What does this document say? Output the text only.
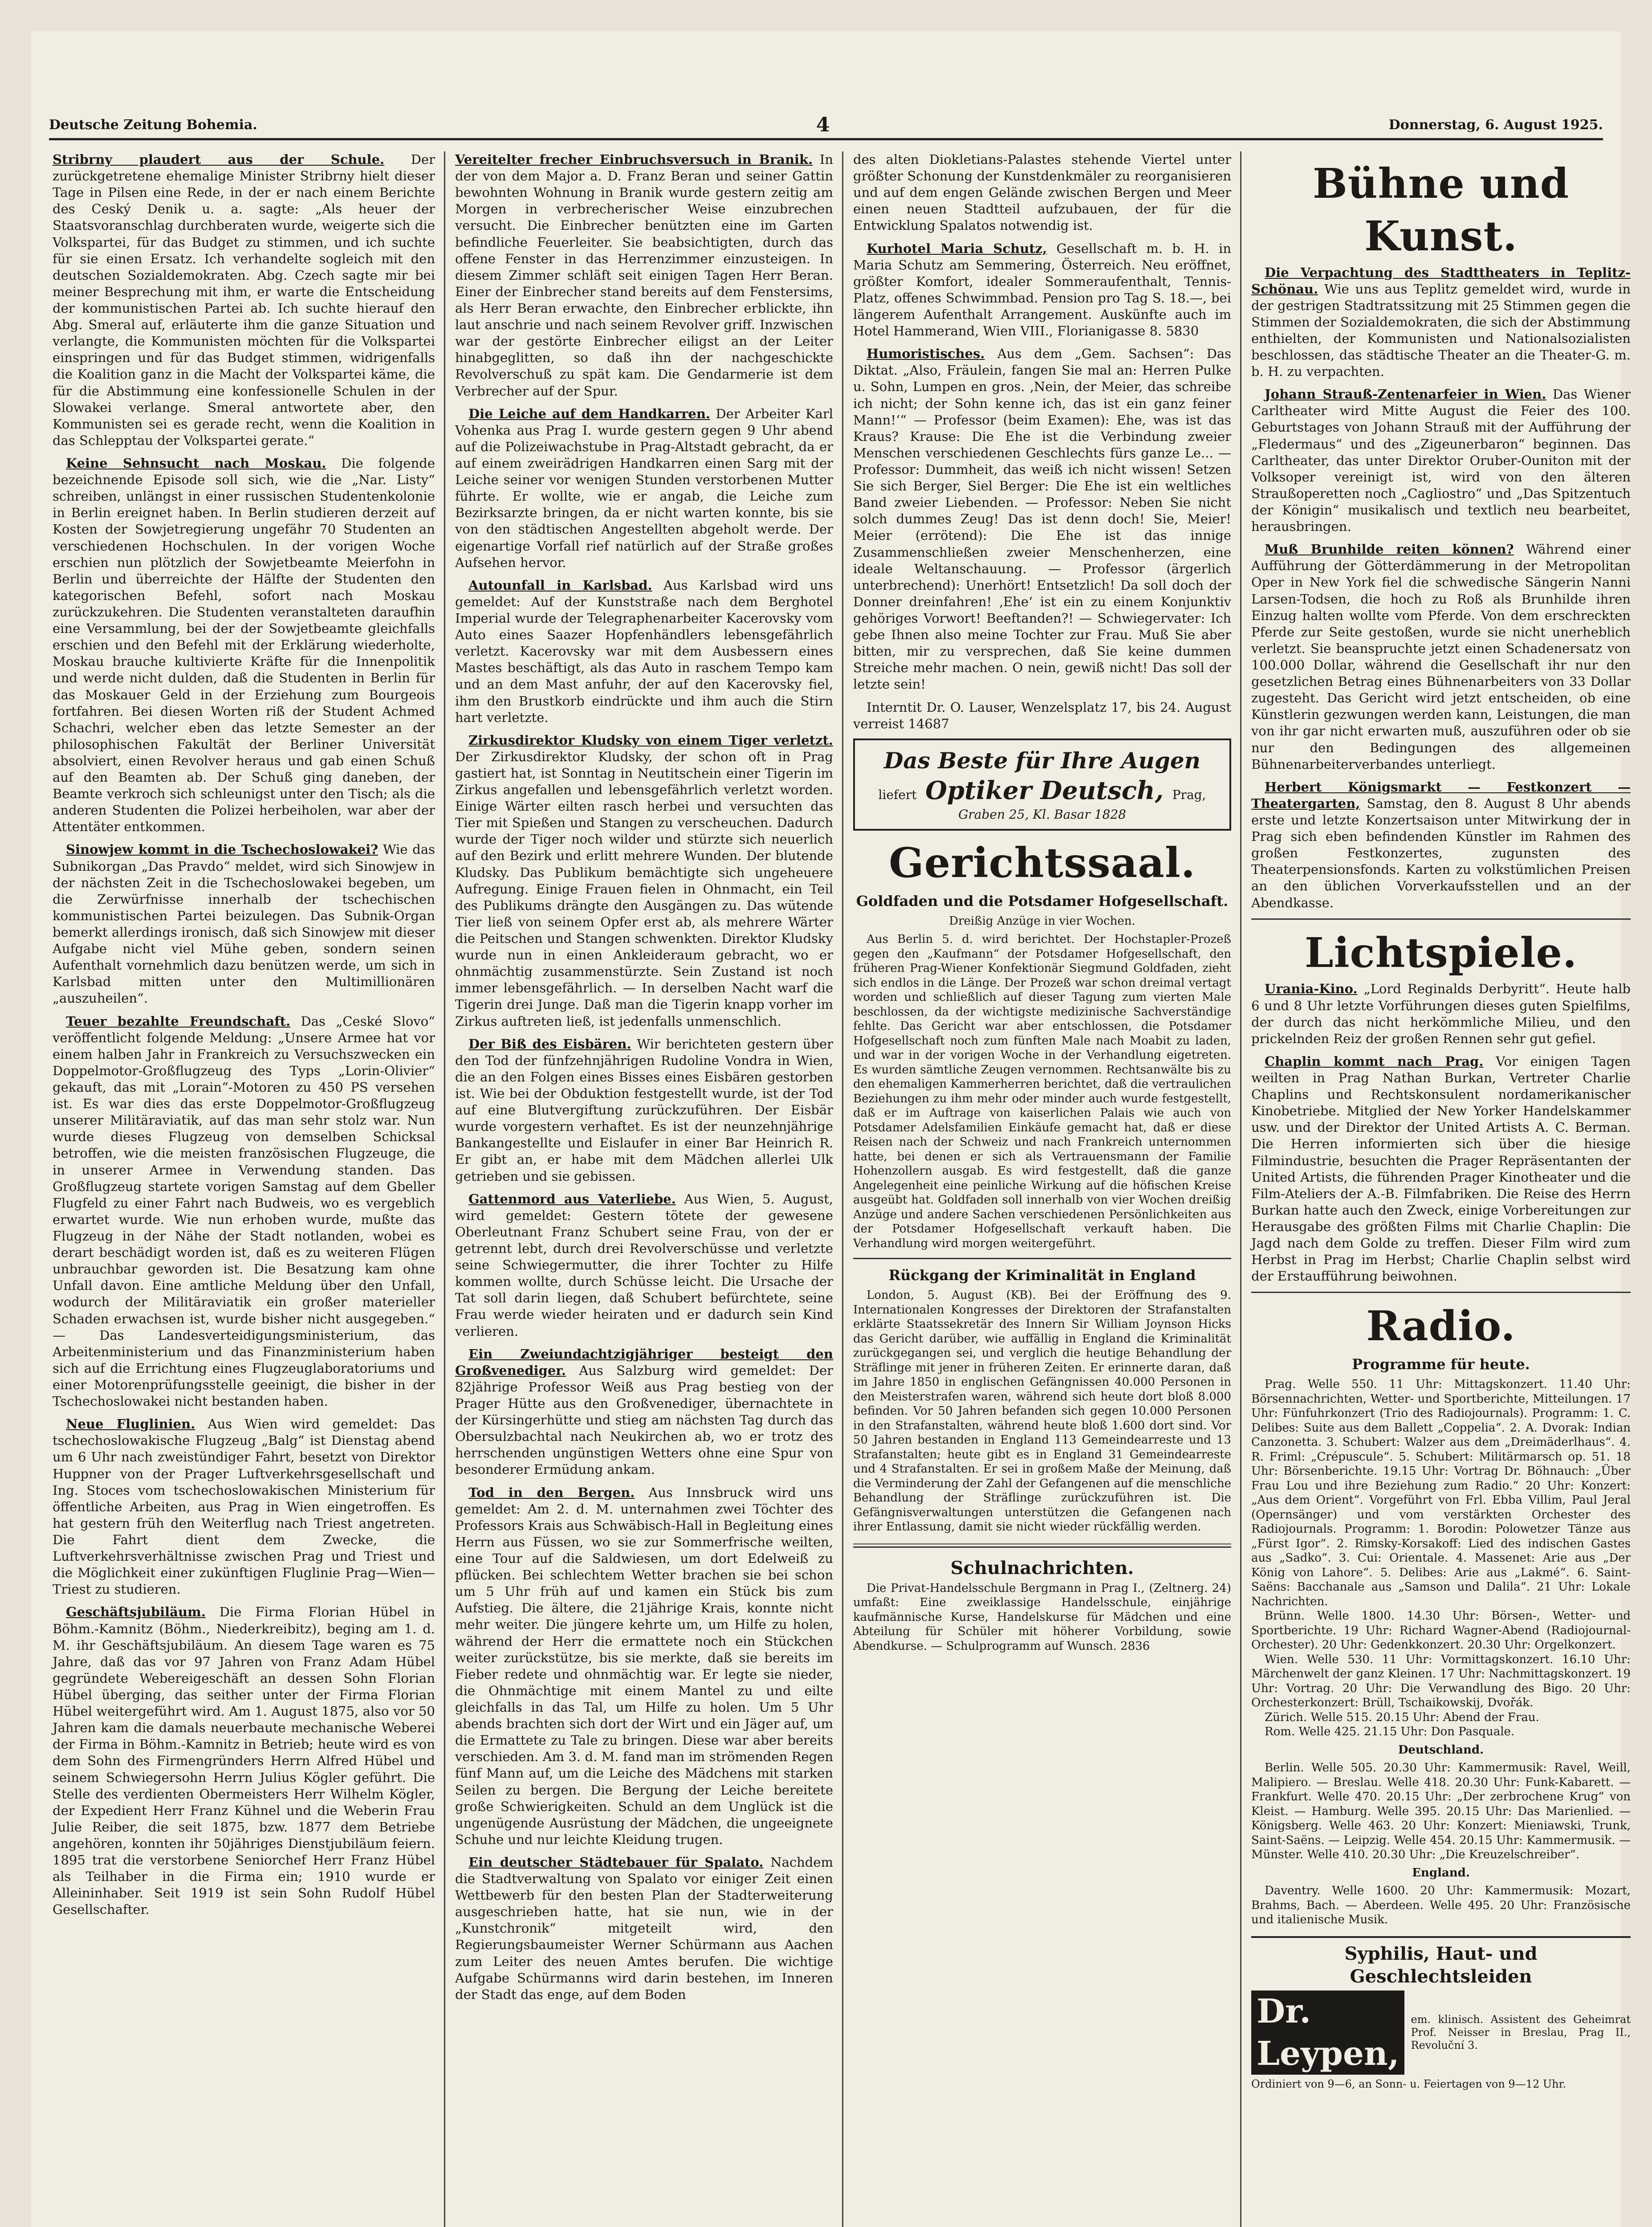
Deutsche Zeitung Bohemia.	4	Donnerstag, 6. August 1925.

Stribrny plaudert aus der Schule. Der zurückgetretene ehemalige Minister Stribrny hielt dieser Tage in Pilsen eine Rede, in der er nach einem Berichte des Ceský Denik u. a. sagte: „Als heuer der Staatsvoranschlag durchberaten wurde, weigerte sich die Volkspartei, für das Budget zu stimmen, und ich suchte für sie einen Ersatz. Ich verhandelte sogleich mit den deutschen Sozialdemokraten. Abg. Czech sagte mir bei meiner Besprechung mit ihm, er warte die Entscheidung der kommunistischen Partei ab. Ich suchte hierauf den Abg. Smeral auf, erläuterte ihm die ganze Situation und verlangte, die Kommunisten möchten für die Volkspartei einspringen und für das Budget stimmen, widrigenfalls die Koalition ganz in die Macht der Volkspartei käme, die für die Abstimmung eine konfessionelle Schulen in der Slowakei verlange. Smeral antwortete aber, den Kommunisten sei es gerade recht, wenn die Koalition in das Schlepptau der Volkspartei gerate.“

Keine Sehnsucht nach Moskau. Die folgende bezeichnende Episode soll sich, wie die „Nar. Listy“ schreiben, unlängst in einer russischen Studentenkolonie in Berlin ereignet haben. In Berlin studieren derzeit auf Kosten der Sowjetregierung ungefähr 70 Studenten an verschiedenen Hochschulen. In der vorigen Woche erschien nun plötzlich der Sowjetbeamte Meierfohn in Berlin und überreichte der Hälfte der Studenten den kategorischen Befehl, sofort nach Moskau zurückzukehren. Die Studenten veranstalteten daraufhin eine Versammlung, bei der der Sowjetbeamte gleichfalls erschien und den Befehl mit der Erklärung wiederholte, Moskau brauche kultivierte Kräfte für die Innenpolitik und werde nicht dulden, daß die Studenten in Berlin für das Moskauer Geld in der Erziehung zum Bourgeois fortfahren. Bei diesen Worten riß der Student Achmed Schachri, welcher eben das letzte Semester an der philosophischen Fakultät der Berliner Universität absolviert, einen Revolver heraus und gab einen Schuß auf den Beamten ab. Der Schuß ging daneben, der Beamte verkroch sich schleunigst unter den Tisch; als die anderen Studenten die Polizei herbeiholen, war aber der Attentäter entkommen.

Sinowjew kommt in die Tschechoslowakei? Wie das Subnikorgan „Das Pravdo“ meldet, wird sich Sinowjew in der nächsten Zeit in die Tschechoslowakei begeben, um die Zerwürfnisse innerhalb der tschechischen kommunistischen Partei beizulegen. Das Subnik-Organ bemerkt allerdings ironisch, daß sich Sinowjew mit dieser Aufgabe nicht viel Mühe geben, sondern seinen Aufenthalt vornehmlich dazu benützen werde, um sich in Karlsbad mitten unter den Multimillionären „auszuheilen“.

Teuer bezahlte Freundschaft. Das „Ceské Slovo“ veröffentlicht folgende Meldung: „Unsere Armee hat vor einem halben Jahr in Frankreich zu Versuchszwecken ein Doppelmotor-Großflugzeug des Typs „Lorin-Olivier“ gekauft, das mit „Lorain“-Motoren zu 450 PS versehen ist. Es war dies das erste Doppelmotor-Großflugzeug unserer Militäraviatik, auf das man sehr stolz war. Nun wurde dieses Flugzeug von demselben Schicksal betroffen, wie die meisten französischen Flugzeuge, die in unserer Armee in Verwendung standen. Das Großflugzeug startete vorigen Samstag auf dem Gbeller Flugfeld zu einer Fahrt nach Budweis, wo es vergeblich erwartet wurde. Wie nun erhoben wurde, mußte das Flugzeug in der Nähe der Stadt notlanden, wobei es derart beschädigt worden ist, daß es zu weiteren Flügen unbrauchbar geworden ist. Die Besatzung kam ohne Unfall davon. Eine amtliche Meldung über den Unfall, wodurch der Militäraviatik ein großer materieller Schaden erwachsen ist, wurde bisher nicht ausgegeben.“ — Das Landesverteidigungsministerium, das Arbeitenministerium und das Finanzministerium haben sich auf die Errichtung eines Flugzeuglaboratoriums und einer Motorenprüfungsstelle geeinigt, die bisher in der Tschechoslowakei nicht bestanden haben.

Neue Fluglinien. Aus Wien wird gemeldet: Das tschechoslowakische Flugzeug „Balg“ ist Dienstag abend um 6 Uhr nach zweistündiger Fahrt, besetzt von Direktor Huppner von der Prager Luftverkehrsgesellschaft und Ing. Stoces vom tschechoslowakischen Ministerium für öffentliche Arbeiten, aus Prag in Wien eingetroffen. Es hat gestern früh den Weiterflug nach Triest angetreten. Die Fahrt dient dem Zwecke, die Luftverkehrsverhältnisse zwischen Prag und Triest und die Möglichkeit einer zukünftigen Fluglinie Prag—Wien—Triest zu studieren.

Geschäftsjubiläum. Die Firma Florian Hübel in Böhm.-Kamnitz (Böhm., Niederkreibitz), beging am 1. d. M. ihr Geschäftsjubiläum. An diesem Tage waren es 75 Jahre, daß das vor 97 Jahren von Franz Adam Hübel gegründete Webereigeschäft an dessen Sohn Florian Hübel überging, das seither unter der Firma Florian Hübel weitergeführt wird. Am 1. August 1875, also vor 50 Jahren kam die damals neuerbaute mechanische Weberei der Firma in Böhm.-Kamnitz in Betrieb; heute wird es von dem Sohn des Firmengründers Herrn Alfred Hübel und seinem Schwiegersohn Herrn Julius Kögler geführt. Die Stelle des verdienten Obermeisters Herr Wilhelm Kögler, der Expedient Herr Franz Kühnel und die Weberin Frau Julie Reiber, die seit 1875, bzw. 1877 dem Betriebe angehören, konnten ihr 50jähriges Dienstjubiläum feiern. 1895 trat die verstorbene Seniorchef Herr Franz Hübel als Teilhaber in die Firma ein; 1910 wurde er Alleininhaber. Seit 1919 ist sein Sohn Rudolf Hübel Gesellschafter.

Vereitelter frecher Einbruchsversuch in Branik. In der von dem Major a. D. Franz Beran und seiner Gattin bewohnten Wohnung in Branik wurde gestern zeitig am Morgen in verbrecherischer Weise einzubrechen versucht. Die Einbrecher benützten eine im Garten befindliche Feuerleiter. Sie beabsichtigten, durch das offene Fenster in das Herrenzimmer einzusteigen. In diesem Zimmer schläft seit einigen Tagen Herr Beran. Einer der Einbrecher stand bereits auf dem Fenstersims, als Herr Beran erwachte, den Einbrecher erblickte, ihn laut anschrie und nach seinem Revolver griff. Inzwischen war der gestörte Einbrecher eiligst an der Leiter hinabgeglitten, so daß ihn der nachgeschickte Revolverschuß zu spät kam. Die Gendarmerie ist dem Verbrecher auf der Spur.

Die Leiche auf dem Handkarren. Der Arbeiter Karl Vohenka aus Prag I. wurde gestern gegen 9 Uhr abend auf die Polizeiwachstube in Prag-Altstadt gebracht, da er auf einem zweirädrigen Handkarren einen Sarg mit der Leiche seiner vor wenigen Stunden verstorbenen Mutter führte. Er wollte, wie er angab, die Leiche zum Bezirksarzte bringen, da er nicht warten konnte, bis sie von den städtischen Angestellten abgeholt werde. Der eigenartige Vorfall rief natürlich auf der Straße großes Aufsehen hervor.

Autounfall in Karlsbad. Aus Karlsbad wird uns gemeldet: Auf der Kunststraße nach dem Berghotel Imperial wurde der Telegraphenarbeiter Kacerovsky vom Auto eines Saazer Hopfenhändlers lebensgefährlich verletzt. Kacerovsky war mit dem Ausbessern eines Mastes beschäftigt, als das Auto in raschem Tempo kam und an dem Mast anfuhr, der auf den Kacerovsky fiel, ihm den Brustkorb eindrückte und ihm auch die Stirn hart verletzte.

Zirkusdirektor Kludsky von einem Tiger verletzt. Der Zirkusdirektor Kludsky, der schon oft in Prag gastiert hat, ist Sonntag in Neutitschein einer Tigerin im Zirkus angefallen und lebensgefährlich verletzt worden. Einige Wärter eilten rasch herbei und versuchten das Tier mit Spießen und Stangen zu verscheuchen. Dadurch wurde der Tiger noch wilder und stürzte sich neuerlich auf den Bezirk und erlitt mehrere Wunden. Der blutende Kludsky. Das Publikum bemächtigte sich ungeheuere Aufregung. Einige Frauen fielen in Ohnmacht, ein Teil des Publikums drängte den Ausgängen zu. Das wütende Tier ließ von seinem Opfer erst ab, als mehrere Wärter die Peitschen und Stangen schwenkten. Direktor Kludsky wurde nun in einen Ankleideraum gebracht, wo er ohnmächtig zusammenstürzte. Sein Zustand ist noch immer lebensgefährlich. — In derselben Nacht warf die Tigerin drei Junge. Daß man die Tigerin knapp vorher im Zirkus auftreten ließ, ist jedenfalls unmenschlich.

Der Biß des Eisbären. Wir berichteten gestern über den Tod der fünfzehnjährigen Rudoline Vondra in Wien, die an den Folgen eines Bisses eines Eisbären gestorben ist. Wie bei der Obduktion festgestellt wurde, ist der Tod auf eine Blutvergiftung zurückzuführen. Der Eisbär wurde vorgestern verhaftet. Es ist der neunzehnjährige Bankangestellte und Eislaufer in einer Bar Heinrich R. Er gibt an, er habe mit dem Mädchen allerlei Ulk getrieben und sie gebissen.

Gattenmord aus Vaterliebe. Aus Wien, 5. August, wird gemeldet: Gestern tötete der gewesene Oberleutnant Franz Schubert seine Frau, von der er getrennt lebt, durch drei Revolverschüsse und verletzte seine Schwiegermutter, die ihrer Tochter zu Hilfe kommen wollte, durch Schüsse leicht. Die Ursache der Tat soll darin liegen, daß Schubert befürchtete, seine Frau werde wieder heiraten und er dadurch sein Kind verlieren.

Ein Zweiundachtzigjähriger besteigt den Großvenediger. Aus Salzburg wird gemeldet: Der 82jährige Professor Weiß aus Prag bestieg von der Prager Hütte aus den Großvenediger, übernachtete in der Kürsingerhütte und stieg am nächsten Tag durch das Obersulzbachtal nach Neukirchen ab, wo er trotz des herrschenden ungünstigen Wetters ohne eine Spur von besonderer Ermüdung ankam.

Tod in den Bergen. Aus Innsbruck wird uns gemeldet: Am 2. d. M. unternahmen zwei Töchter des Professors Krais aus Schwäbisch-Hall in Begleitung eines Herrn aus Füssen, wo sie zur Sommerfrische weilten, eine Tour auf die Saldwiesen, um dort Edelweiß zu pflücken. Bei schlechtem Wetter brachen sie bei schon um 5 Uhr früh auf und kamen ein Stück bis zum Aufstieg. Die ältere, die 21jährige Krais, konnte nicht mehr weiter. Die jüngere kehrte um, um Hilfe zu holen, während der Herr die ermattete noch ein Stückchen weiter zurückstütze, bis sie merkte, daß sie bereits im Fieber redete und ohnmächtig war. Er legte sie nieder, die Ohnmächtige mit einem Mantel zu und eilte gleichfalls in das Tal, um Hilfe zu holen. Um 5 Uhr abends brachten sich dort der Wirt und ein Jäger auf, um die Ermattete zu Tale zu bringen. Diese war aber bereits verschieden. Am 3. d. M. fand man im strömenden Regen fünf Mann auf, um die Leiche des Mädchens mit starken Seilen zu bergen. Die Bergung der Leiche bereitete große Schwierigkeiten. Schuld an dem Unglück ist die ungenügende Ausrüstung der Mädchen, die ungeeignete Schuhe und nur leichte Kleidung trugen.

Ein deutscher Städtebauer für Spalato. Nachdem die Stadtverwaltung von Spalato vor einiger Zeit einen Wettbewerb für den besten Plan der Stadterweiterung ausgeschrieben hatte, hat sie nun, wie in der „Kunstchronik“ mitgeteilt wird, den Regierungsbaumeister Werner Schürmann aus Aachen zum Leiter des neuen Amtes berufen. Die wichtige Aufgabe Schürmanns wird darin bestehen, im Inneren der Stadt das enge, auf dem Boden

des alten Diokletians-Palastes stehende Viertel unter größter Schonung der Kunstdenkmäler zu reorganisieren und auf dem engen Gelände zwischen Bergen und Meer einen neuen Stadtteil aufzubauen, der für die Entwicklung Spalatos notwendig ist.

Kurhotel Maria Schutz, Gesellschaft m. b. H. in Maria Schutz am Semmering, Österreich. Neu eröffnet, größter Komfort, idealer Sommeraufenthalt, Tennis-Platz, offenes Schwimmbad. Pension pro Tag S. 18.—, bei längerem Aufenthalt Arrangement. Auskünfte auch im Hotel Hammerand, Wien VIII., Florianigasse 8. 5830

Humoristisches. Aus dem „Gem. Sachsen“: Das Diktat. „Also, Fräulein, fangen Sie mal an: Herren Pulke u. Sohn, Lumpen en gros. ‚Nein, der Meier, das schreibe ich nicht; der Sohn kenne ich, das ist ein ganz feiner Mann!‘“ — Professor (beim Examen): Ehe, was ist das Kraus? Krause: Die Ehe ist die Verbindung zweier Menschen verschiedenen Geschlechts fürs ganze Le... — Professor: Dummheit, das weiß ich nicht wissen! Setzen Sie sich Berger, Siel Berger: Die Ehe ist ein weltliches Band zweier Liebenden. — Professor: Neben Sie nicht solch dummes Zeug! Das ist denn doch! Sie, Meier! Meier (errötend): Die Ehe ist das innige Zusammenschließen zweier Menschenherzen, eine ideale Weltanschauung. — Professor (ärgerlich unterbrechend): Unerhört! Entsetzlich! Da soll doch der Donner dreinfahren! ‚Ehe‘ ist ein zu einem Konjunktiv gehöriges Vorwort! Beeftanden?! — Schwiegervater: Ich gebe Ihnen also meine Tochter zur Frau. Muß Sie aber bitten, mir zu versprechen, daß Sie keine dummen Streiche mehr machen. O nein, gewiß nicht! Das soll der letzte sein!

Interntit Dr. O. Lauser, Wenzelsplatz 17, bis 24. August verreist 14687

Das Beste für Ihre Augen
liefert Optiker Deutsch, Prag,
Graben 25, Kl. Basar 1828
Gerichtssaal.
Goldfaden und die Potsdamer Hofgesellschaft.
Dreißig Anzüge in vier Wochen.

Aus Berlin 5. d. wird berichtet. Der Hochstapler-Prozeß gegen den „Kaufmann“ der Potsdamer Hofgesellschaft, den früheren Prag-Wiener Konfektionär Siegmund Goldfaden, zieht sich endlos in die Länge. Der Prozeß war schon dreimal vertagt worden und schließlich auf dieser Tagung zum vierten Male beschlossen, da der wichtigste medizinische Sachverständige fehlte. Das Gericht war aber entschlossen, die Potsdamer Hofgesellschaft noch zum fünften Male nach Moabit zu laden, und war in der vorigen Woche in der Verhandlung eigetreten. Es wurden sämtliche Zeugen vernommen. Rechtsanwälte bis zu den ehemaligen Kammerherren berichtet, daß die vertraulichen Beziehungen zu ihm mehr oder minder auch wurde festgestellt, daß er im Auftrage von kaiserlichen Palais wie auch von Potsdamer Adelsfamilien Einkäufe gemacht hat, daß er diese Reisen nach der Schweiz und nach Frankreich unternommen hatte, bei denen er sich als Vertrauensmann der Familie Hohenzollern ausgab. Es wird festgestellt, daß die ganze Angelegenheit eine peinliche Wirkung auf die höfischen Kreise ausgeübt hat. Goldfaden soll innerhalb von vier Wochen dreißig Anzüge und andere Sachen verschiedenen Persönlichkeiten aus der Potsdamer Hofgesellschaft verkauft haben. Die Verhandlung wird morgen weitergeführt.

Rückgang der Kriminalität in England

London, 5. August (KB). Bei der Eröffnung des 9. Internationalen Kongresses der Direktoren der Strafanstalten erklärte Staatssekretär des Innern Sir William Joynson Hicks das Gericht darüber, wie auffällig in England die Kriminalität zurückgegangen sei, und verglich die heutige Behandlung der Sträflinge mit jener in früheren Zeiten. Er erinnerte daran, daß im Jahre 1850 in englischen Gefängnissen 40.000 Personen in den Meisterstrafen waren, während sich heute dort bloß 8.000 befinden. Vor 50 Jahren befanden sich gegen 10.000 Personen in den Strafanstalten, während heute bloß 1.600 dort sind. Vor 50 Jahren bestanden in England 113 Gemeindearreste und 13 Strafanstalten; heute gibt es in England 31 Gemeindearreste und 4 Strafanstalten. Er sei in großem Maße der Meinung, daß die Verminderung der Zahl der Gefangenen auf die menschliche Behandlung der Sträflinge zurückzuführen ist. Die Gefängnisverwaltungen unterstützen die Gefangenen nach ihrer Entlassung, damit sie nicht wieder rückfällig werden.

Schulnachrichten.

Die Privat-Handelsschule Bergmann in Prag I., (Zeltnerg. 24) umfaßt: Eine zweiklassige Handelsschule, einjährige kaufmännische Kurse, Handelskurse für Mädchen und eine Abteilung für Schüler mit höherer Vorbildung, sowie Abendkurse. — Schulprogramm auf Wunsch. 2836

Bühne und Kunst.

Die Verpachtung des Stadttheaters in Teplitz-Schönau. Wie uns aus Teplitz gemeldet wird, wurde in der gestrigen Stadtratssitzung mit 25 Stimmen gegen die Stimmen der Sozialdemokraten, die sich der Abstimmung enthielten, der Kommunisten und Nationalsozialisten beschlossen, das städtische Theater an die Theater-G. m. b. H. zu verpachten.

Johann Strauß-Zentenarfeier in Wien. Das Wiener Carltheater wird Mitte August die Feier des 100. Geburtstages von Johann Strauß mit der Aufführung der „Fledermaus“ und des „Zigeunerbaron“ beginnen. Das Carltheater, das unter Direktor Oruber-Ouniton mit der Volksoper vereinigt ist, wird von den älteren Straußoperetten noch „Cagliostro“ und „Das Spitzentuch der Königin“ musikalisch und textlich neu bearbeitet, herausbringen.

Muß Brunhilde reiten können? Während einer Aufführung der Götterdämmerung in der Metropolitan Oper in New York fiel die schwedische Sängerin Nanni Larsen-Todsen, die hoch zu Roß als Brunhilde ihren Einzug halten wollte vom Pferde. Von dem erschreckten Pferde zur Seite gestoßen, wurde sie nicht unerheblich verletzt. Sie beanspruchte jetzt einen Schadenersatz von 100.000 Dollar, während die Gesellschaft ihr nur den gesetzlichen Betrag eines Bühnenarbeiters von 33 Dollar zugesteht. Das Gericht wird jetzt entscheiden, ob eine Künstlerin gezwungen werden kann, Leistungen, die man von ihr gar nicht erwarten muß, auszuführen oder ob sie nur den Bedingungen des allgemeinen Bühnenarbeiterverbandes unterliegt.

Herbert Königsmarkt — Festkonzert — Theatergarten, Samstag, den 8. August 8 Uhr abends erste und letzte Konzertsaison unter Mitwirkung der in Prag sich eben befindenden Künstler im Rahmen des großen Festkonzertes, zugunsten des Theaterpensionsfonds. Karten zu volkstümlichen Preisen an den üblichen Vorverkaufsstellen und an der Abendkasse.

Lichtspiele.

Urania-Kino. „Lord Reginalds Derbyritt“. Heute halb 6 und 8 Uhr letzte Vorführungen dieses guten Spielfilms, der durch das nicht herkömmliche Milieu, und den prickelnden Reiz der großen Rennen sehr gut gefiel.

Chaplin kommt nach Prag. Vor einigen Tagen weilten in Prag Nathan Burkan, Vertreter Charlie Chaplins und Rechtskonsulent nordamerikanischer Kinobetriebe. Mitglied der New Yorker Handelskammer usw. und der Direktor der United Artists A. C. Berman. Die Herren informierten sich über die hiesige Filmindustrie, besuchten die Prager Repräsentanten der United Artists, die führenden Prager Kinotheater und die Film-Ateliers der A.-B. Filmfabriken. Die Reise des Herrn Burkan hatte auch den Zweck, einige Vorbereitungen zur Herausgabe des größten Films mit Charlie Chaplin: Die Jagd nach dem Golde zu treffen. Dieser Film wird zum Herbst in Prag im Herbst; Charlie Chaplin selbst wird der Erstaufführung beiwohnen.

Radio.
Programme für heute.

Prag. Welle 550. 11 Uhr: Mittagskonzert. 11.40 Uhr: Börsennachrichten, Wetter- und Sportberichte, Mitteilungen. 17 Uhr: Fünfuhrkonzert (Trio des Radiojournals). Programm: 1. C. Delibes: Suite aus dem Ballett „Coppelia“. 2. A. Dvorak: Indian Canzonetta. 3. Schubert: Walzer aus dem „Dreimäderlhaus“. 4. R. Friml: „Crépuscule“. 5. Schubert: Militärmarsch op. 51. 18 Uhr: Börsenberichte. 19.15 Uhr: Vortrag Dr. Böhnauch: „Über Frau Lou und ihre Beziehung zum Radio.“ 20 Uhr: Konzert: „Aus dem Orient“. Vorgeführt von Frl. Ebba Villim, Paul Jeral (Opernsänger) und vom verstärkten Orchester des Radiojournals. Programm: 1. Borodin: Polowetzer Tänze aus „Fürst Igor“. 2. Rimsky-Korsakoff: Lied des indischen Gastes aus „Sadko“. 3. Cui: Orientale. 4. Massenet: Arie aus „Der König von Lahore“. 5. Delibes: Arie aus „Lakmé“. 6. Saint-Saëns: Bacchanale aus „Samson und Dalila“. 21 Uhr: Lokale Nachrichten.

Brünn. Welle 1800. 14.30 Uhr: Börsen-, Wetter- und Sportberichte. 19 Uhr: Richard Wagner-Abend (Radiojournal-Orchester). 20 Uhr: Gedenkkonzert. 20.30 Uhr: Orgelkonzert.

Wien. Welle 530. 11 Uhr: Vormittagskonzert. 16.10 Uhr: Märchenwelt der ganz Kleinen. 17 Uhr: Nachmittagskonzert. 19 Uhr: Vortrag. 20 Uhr: Die Verwandlung des Bigo. 20 Uhr: Orchesterkonzert: Brüll, Tschaikowskij, Dvořák.

Zürich. Welle 515. 20.15 Uhr: Abend der Frau.

Rom. Welle 425. 21.15 Uhr: Don Pasquale.

Deutschland.

Berlin. Welle 505. 20.30 Uhr: Kammermusik: Ravel, Weill, Malipiero. — Breslau. Welle 418. 20.30 Uhr: Funk-Kabarett. — Frankfurt. Welle 470. 20.15 Uhr: „Der zerbrochene Krug“ von Kleist. — Hamburg. Welle 395. 20.15 Uhr: Das Marienlied. — Königsberg. Welle 463. 20 Uhr: Konzert: Mieniawski, Trunk, Saint-Saëns. — Leipzig. Welle 454. 20.15 Uhr: Kammermusik. — Münster. Welle 410. 20.30 Uhr: „Die Kreuzelschreiber“.

England.

Daventry. Welle 1600. 20 Uhr: Kammermusik: Mozart, Brahms, Bach. — Aberdeen. Welle 495. 20 Uhr: Französische und italienische Musik.

Syphilis, Haut- und Geschlechtsleiden
Dr. Leypen,
em. klinisch. Assistent des Geheimrat Prof. Neisser in Breslau, Prag II., Revoluční 3.
Ordiniert von 9—6, an Sonn- u. Feiertagen von 9—12 Uhr.
